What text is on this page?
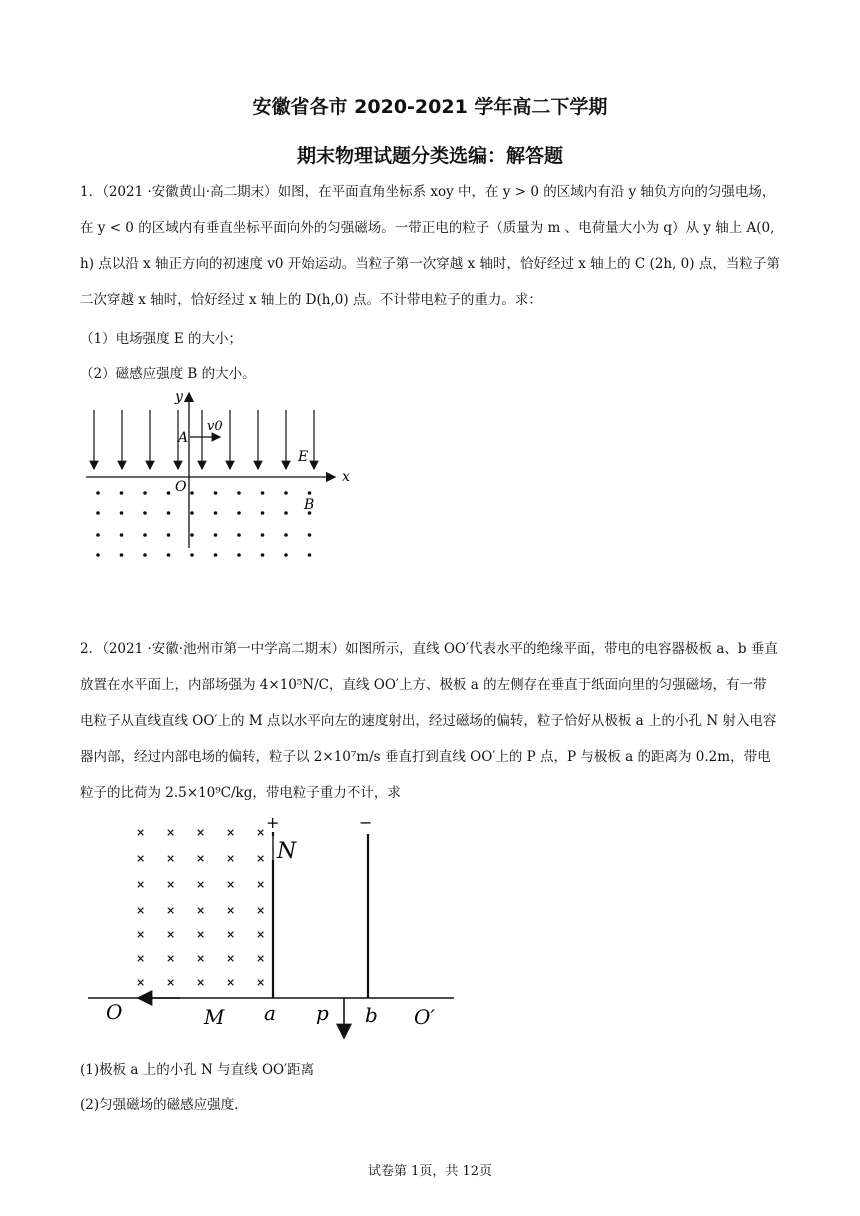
安徽省各市 2020-2021 学年高二下学期
期末物理试题分类选编：解答题
1．（2021 ·安徽黄山·高二期末）如图，在平面直角坐标系 xoy 中，在 y > 0 的区域内有沿 y 轴负方向的匀强电场，在 y < 0 的区域内有垂直坐标平面向外的匀强磁场。一带正电的粒子（质量为 m 、电荷量大小为 q）从 y 轴上 A(0, h) 点以沿 x 轴正方向的初速度 v0 开始运动。当粒子第一次穿越 x 轴时，恰好经过 x 轴上的 C (2h, 0) 点，当粒子第二次穿越 x 轴时，恰好经过 x 轴上的 D(h,0) 点。不计带电粒子的重力。求：
（1）电场强度 E 的大小；
（2）磁感应强度 B 的大小。
y
x
A
v0
E
O
B
2．（2021 ·安徽·池州市第一中学高二期末）如图所示，直线 OO′代表水平的绝缘平面，带电的电容器极板 a、b 垂直放置在水平面上，内部场强为 4×10⁵N/C，直线 OO′上方、极板 a 的左侧存在垂直于纸面向里的匀强磁场，有一带电粒子从直线直线 OO′上的 M 点以水平向左的速度射出，经过磁场的偏转，粒子恰好从极板 a 上的小孔 N 射入电容器内部，经过内部电场的偏转，粒子以 2×10⁷m/s 垂直打到直线 OO′上的 P 点，P 与极板 a 的距离为 0.2m，带电粒子的比荷为 2.5×10⁹C/kg，带电粒子重力不计，求
× × × × ×
× × × × ×
× × × × ×
× × × × ×
× × × × ×
× × × × ×
× × × × ×
+	−
N
O	M a p b O′
(1)极板 a 上的小孔 N 与直线 OO′距离
(2)匀强磁场的磁感应强度.
试卷第 1页，共 12页
